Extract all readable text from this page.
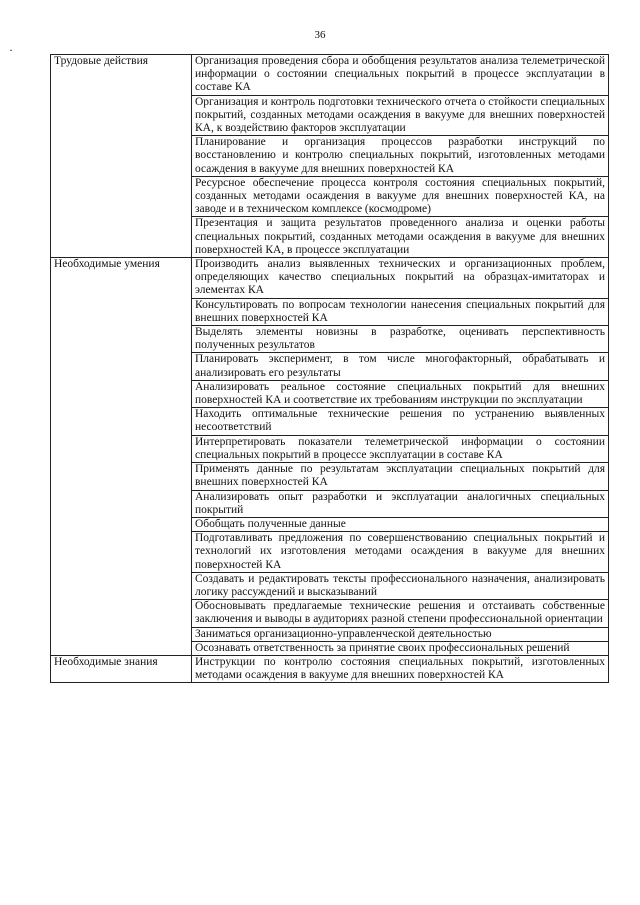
36
·
Трудовые действия	Организация проведения сбора и обобщения результатов анализа телеметрической информации о состоянии специальных покрытий в процессе эксплуатации в составе КА
	Организация и контроль подготовки технического отчета о стойкости специальных покрытий, созданных методами осаждения в вакууме для внешних поверхностей КА, к воздействию факторов эксплуатации
	Планирование и организация процессов разработки инструкций по восстановлению и контролю специальных покрытий, изготовленных методами осаждения в вакууме для внешних поверхностей КА
	Ресурсное обеспечение процесса контроля состояния специальных покрытий, созданных методами осаждения в вакууме для внешних поверхностей КА, на заводе и в техническом комплексе (космодроме)
	Презентация и защита результатов проведенного анализа и оценки работы специальных покрытий, созданных методами осаждения в вакууме для внешних поверхностей КА, в процессе эксплуатации
Необходимые умения	Производить анализ выявленных технических и организационных проблем, определяющих качество специальных покрытий на образцах-имитаторах и элементах КА
	Консультировать по вопросам технологии нанесения специальных покрытий для внешних поверхностей КА
	Выделять элементы новизны в разработке, оценивать перспективность полученных результатов
	Планировать эксперимент, в том числе многофакторный, обрабатывать и анализировать его результаты
	Анализировать реальное состояние специальных покрытий для внешних поверхностей КА и соответствие их требованиям инструкции по эксплуатации
	Находить оптимальные технические решения по устранению выявленных несоответствий
	Интерпретировать показатели телеметрической информации о состоянии специальных покрытий в процессе эксплуатации в составе КА
	Применять данные по результатам эксплуатации специальных покрытий для внешних поверхностей КА
	Анализировать опыт разработки и эксплуатации аналогичных специальных покрытий
	Обобщать полученные данные
	Подготавливать предложения по совершенствованию специальных покрытий и технологий их изготовления методами осаждения в вакууме для внешних поверхностей КА
	Создавать и редактировать тексты профессионального назначения, анализировать логику рассуждений и высказываний
	Обосновывать предлагаемые технические решения и отстаивать собственные заключения и выводы в аудиториях разной степени профессиональной ориентации
	Заниматься организационно-управленческой деятельностью
	Осознавать ответственность за принятие своих профессиональных решений
Необходимые знания	Инструкции по контролю состояния специальных покрытий, изготовленных методами осаждения в вакууме для внешних поверхностей КА
